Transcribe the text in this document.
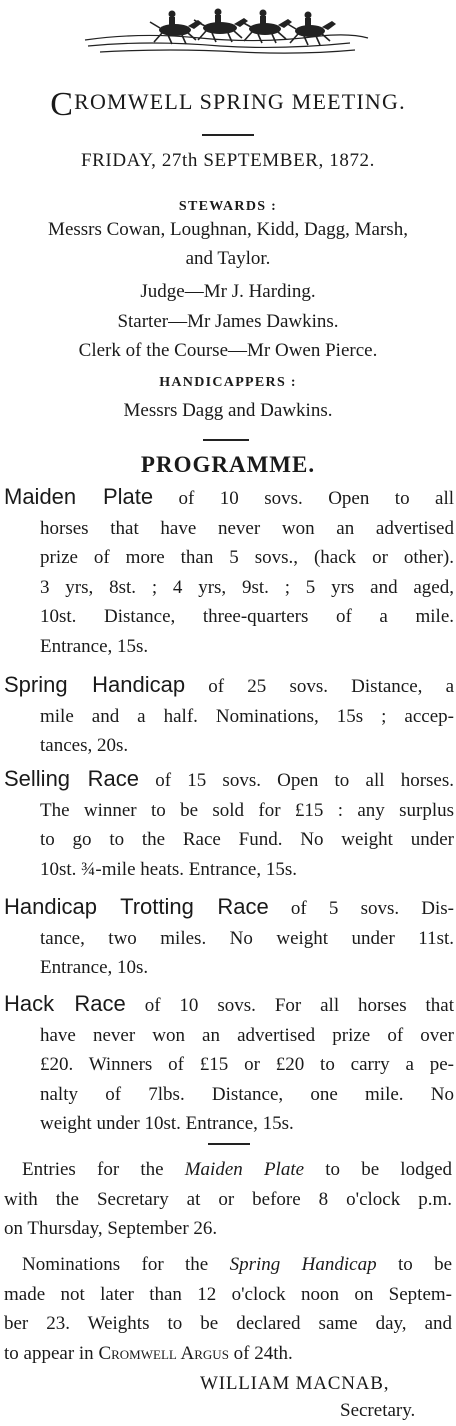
CROMWELL SPRING MEETING.
FRIDAY, 27th SEPTEMBER, 1872.
STEWARDS :
Messrs Cowan, Loughnan, Kidd, Dagg, Marsh,
and Taylor.
Judge—Mr J. Harding.
Starter—Mr James Dawkins.
Clerk of the Course—Mr Owen Pierce.
HANDICAPPERS :
Messrs Dagg and Dawkins.
PROGRAMME.
Maiden Plate of 10 sovs. Open to all
horses that have never won an advertised
prize of more than 5 sovs., (hack or other).
3 yrs, 8st. ; 4 yrs, 9st. ; 5 yrs and aged,
10st. Distance, three-quarters of a mile.
Entrance, 15s.
Spring Handicap of 25 sovs. Distance, a
mile and a half. Nominations, 15s ; accep-
tances, 20s.
Selling Race of 15 sovs. Open to all horses.
The winner to be sold for £15 : any surplus
to go to the Race Fund. No weight under
10st. ¾-mile heats. Entrance, 15s.
Handicap Trotting Race of 5 sovs. Dis-
tance, two miles. No weight under 11st.
Entrance, 10s.
Hack Race of 10 sovs. For all horses that
have never won an advertised prize of over
£20. Winners of £15 or £20 to carry a pe-
nalty of 7lbs. Distance, one mile. No
weight under 10st. Entrance, 15s.
Entries for the Maiden Plate to be lodged
with the Secretary at or before 8 o'clock p.m.
on Thursday, September 26.
Nominations for the Spring Handicap to be
made not later than 12 o'clock noon on Septem-
ber 23. Weights to be declared same day, and
to appear in Cromwell Argus of 24th.
WILLIAM MACNAB,
Secretary.
